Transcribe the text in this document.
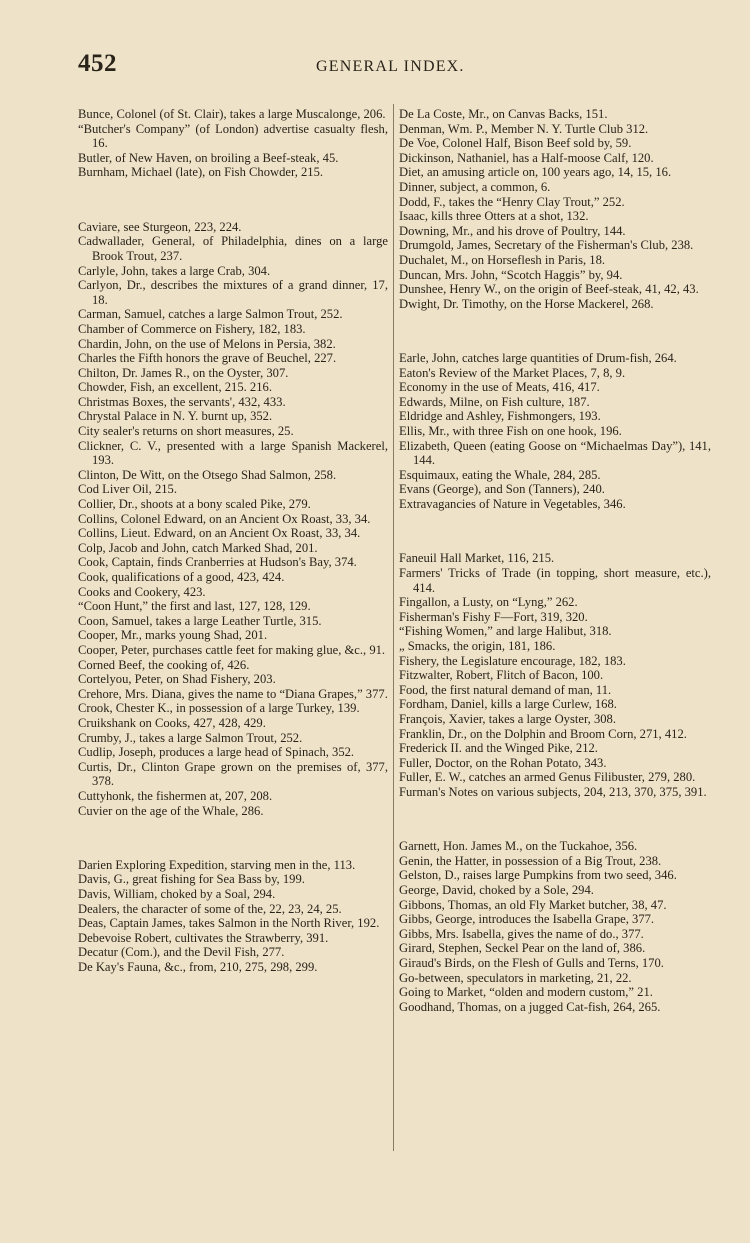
452	GENERAL INDEX.

Bunce, Colonel (of St. Clair), takes a large Muscalonge, 206.

“Butcher's Company” (of London) advertise casualty flesh, 16.

Butler, of New Haven, on broiling a Beef-steak, 45.

Burnham, Michael (late), on Fish Chowder, 215.

Caviare, see Sturgeon, 223, 224.

Cadwallader, General, of Philadelphia, dines on a large Brook Trout, 237.

Carlyle, John, takes a large Crab, 304.

Carlyon, Dr., describes the mixtures of a grand dinner, 17, 18.

Carman, Samuel, catches a large Salmon Trout, 252.

Chamber of Commerce on Fishery, 182, 183.

Chardin, John, on the use of Melons in Persia, 382.

Charles the Fifth honors the grave of Beuchel, 227.

Chilton, Dr. James R., on the Oyster, 307.

Chowder, Fish, an excellent, 215. 216.

Christmas Boxes, the servants', 432, 433.

Chrystal Palace in N. Y. burnt up, 352.

City sealer's returns on short measures, 25.

Clickner, C. V., presented with a large Spanish Mackerel, 193.

Clinton, De Witt, on the Otsego Shad Salmon, 258.

Cod Liver Oil, 215.

Collier, Dr., shoots at a bony scaled Pike, 279.

Collins, Colonel Edward, on an Ancient Ox Roast, 33, 34.

Collins, Lieut. Edward, on an Ancient Ox Roast, 33, 34.

Colp, Jacob and John, catch Marked Shad, 201.

Cook, Captain, finds Cranberries at Hudson's Bay, 374.

Cook, qualifications of a good, 423, 424.

Cooks and Cookery, 423.

“Coon Hunt,” the first and last, 127, 128, 129.

Coon, Samuel, takes a large Leather Turtle, 315.

Cooper, Mr., marks young Shad, 201.

Cooper, Peter, purchases cattle feet for making glue, &c., 91.

Corned Beef, the cooking of, 426.

Cortelyou, Peter, on Shad Fishery, 203.

Crehore, Mrs. Diana, gives the name to “Diana Grapes,” 377.

Crook, Chester K., in possession of a large Turkey, 139.

Cruikshank on Cooks, 427, 428, 429.

Crumby, J., takes a large Salmon Trout, 252.

Cudlip, Joseph, produces a large head of Spinach, 352.

Curtis, Dr., Clinton Grape grown on the premises of, 377, 378.

Cuttyhonk, the fishermen at, 207, 208.

Cuvier on the age of the Whale, 286.

Darien Exploring Expedition, starving men in the, 113.

Davis, G., great fishing for Sea Bass by, 199.

Davis, William, choked by a Soal, 294.

Dealers, the character of some of the, 22, 23, 24, 25.

Deas, Captain James, takes Salmon in the North River, 192.

Debevoise Robert, cultivates the Strawberry, 391.

Decatur (Com.), and the Devil Fish, 277.

De Kay's Fauna, &c., from, 210, 275, 298, 299.

De La Coste, Mr., on Canvas Backs, 151.

Denman, Wm. P., Member N. Y. Turtle Club 312.

De Voe, Colonel Half, Bison Beef sold by, 59.

Dickinson, Nathaniel, has a Half-moose Calf, 120.

Diet, an amusing article on, 100 years ago, 14, 15, 16.

Dinner, subject, a common, 6.

Dodd, F., takes the “Henry Clay Trout,” 252.

Isaac, kills three Otters at a shot, 132.

Downing, Mr., and his drove of Poultry, 144.

Drumgold, James, Secretary of the Fisherman's Club, 238.

Duchalet, M., on Horseflesh in Paris, 18.

Duncan, Mrs. John, “Scotch Haggis” by, 94.

Dunshee, Henry W., on the origin of Beef-steak, 41, 42, 43.

Dwight, Dr. Timothy, on the Horse Mackerel, 268.

Earle, John, catches large quantities of Drum-fish, 264.

Eaton's Review of the Market Places, 7, 8, 9.

Economy in the use of Meats, 416, 417.

Edwards, Milne, on Fish culture, 187.

Eldridge and Ashley, Fishmongers, 193.

Ellis, Mr., with three Fish on one hook, 196.

Elizabeth, Queen (eating Goose on “Michaelmas Day”), 141, 144.

Esquimaux, eating the Whale, 284, 285.

Evans (George), and Son (Tanners), 240.

Extravagancies of Nature in Vegetables, 346.

Faneuil Hall Market, 116, 215.

Farmers' Tricks of Trade (in topping, short measure, etc.), 414.

Fingallon, a Lusty, on “Lyng,” 262.

Fisherman's Fishy F—Fort, 319, 320.

“Fishing Women,” and large Halibut, 318.

„ Smacks, the origin, 181, 186.

Fishery, the Legislature encourage, 182, 183.

Fitzwalter, Robert, Flitch of Bacon, 100.

Food, the first natural demand of man, 11.

Fordham, Daniel, kills a large Curlew, 168.

François, Xavier, takes a large Oyster, 308.

Franklin, Dr., on the Dolphin and Broom Corn, 271, 412.

Frederick II. and the Winged Pike, 212.

Fuller, Doctor, on the Rohan Potato, 343.

Fuller, E. W., catches an armed Genus Filibuster, 279, 280.

Furman's Notes on various subjects, 204, 213, 370, 375, 391.

Garnett, Hon. James M., on the Tuckahoe, 356.

Genin, the Hatter, in possession of a Big Trout, 238.

Gelston, D., raises large Pumpkins from two seed, 346.

George, David, choked by a Sole, 294.

Gibbons, Thomas, an old Fly Market butcher, 38, 47.

Gibbs, George, introduces the Isabella Grape, 377.

Gibbs, Mrs. Isabella, gives the name of do., 377.

Girard, Stephen, Seckel Pear on the land of, 386.

Giraud's Birds, on the Flesh of Gulls and Terns, 170.

Go-between, speculators in marketing, 21, 22.

Going to Market, “olden and modern custom,” 21.

Goodhand, Thomas, on a jugged Cat-fish, 264, 265.
